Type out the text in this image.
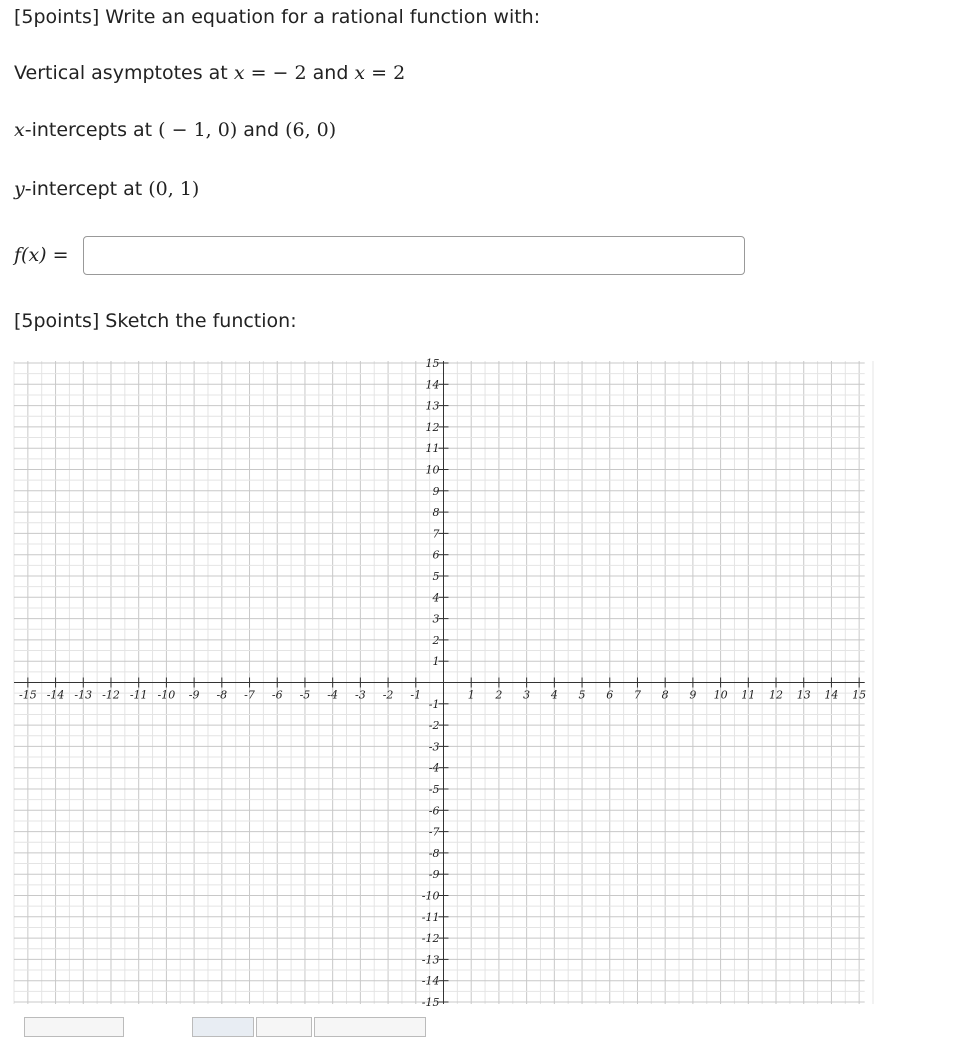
[5points] Write an equation for a rational function with:
Vertical asymptotes at x = − 2 and x = 2
x-intercepts at ( − 1, 0) and (6, 0)
y-intercept at (0, 1)
f(x) =
[5points] Sketch the function:
-15 -14 -13 -12 -11 -10 -9 -8 -7 -6 -5 -4 -3 -2 -1	1 2 3 4 5 6 7 8 9 10 11 12 13 14 15
15
14
13
12
11
10
9
8
7
6
5
4
3
2
1
-1
-2
-3
-4
-5
-6
-7
-8
-9
-10
-11
-12
-13
-14
-15
